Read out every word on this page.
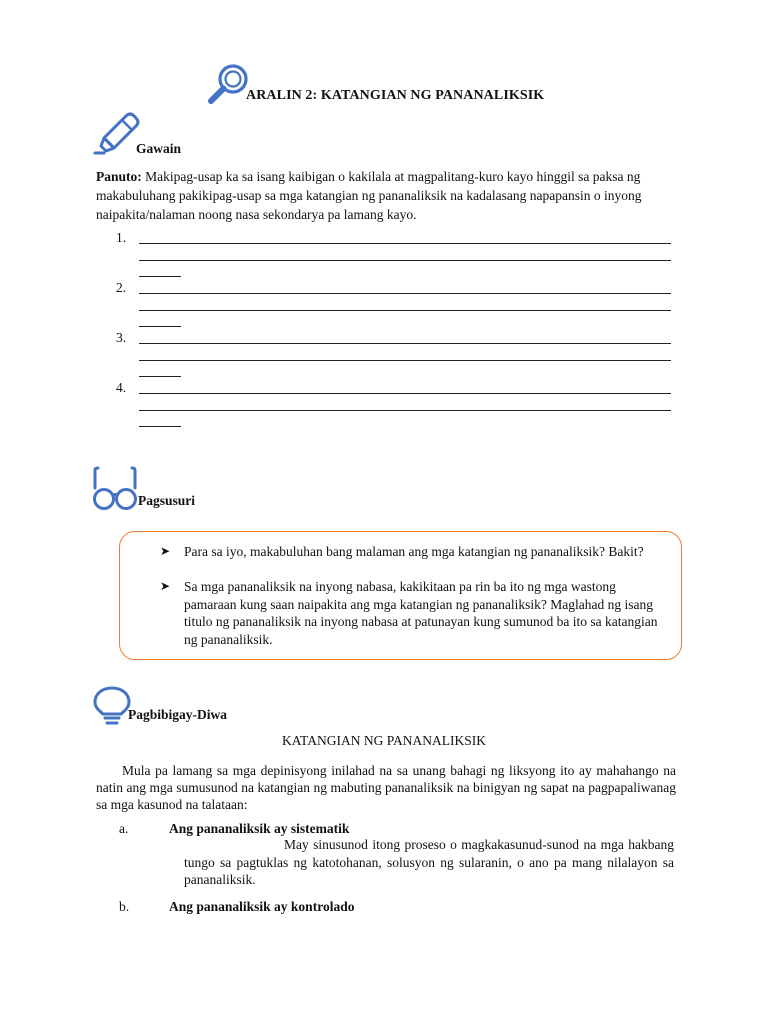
ARALIN 2: KATANGIAN NG PANANALIKSIK
Gawain
Panuto: Makipag-usap ka sa isang kaibigan o kakilala at magpalitang-kuro kayo hinggil sa paksa ng makabuluhang pakikipag-usap sa mga katangian ng pananaliksik na kadalasang napapansin o inyong naipakita/nalaman noong nasa sekondarya pa lamang kayo.
1.
2.
3.
4.
Pagsusuri
➤ Para sa iyo, makabuluhan bang malaman ang mga katangian ng pananaliksik? Bakit?
➤ Sa mga pananaliksik na inyong nabasa, kakikitaan pa rin ba ito ng mga wastong pamaraan kung saan naipakita ang mga katangian ng pananaliksik? Maglahad ng isang titulo ng pananaliksik na inyong nabasa at patunayan kung sumunod ba ito sa katangian ng pananaliksik.
Pagbibigay-Diwa
KATANGIAN NG PANANALIKSIK
Mula pa lamang sa mga depinisyong inilahad na sa unang bahagi ng liksyong ito ay mahahango na natin ang mga sumusunod na katangian ng mabuting pananaliksik na binigyan ng sapat na pagpapaliwanag sa mga kasunod na talataan:
a.	Ang pananaliksik ay sistematik
May sinusunod itong proseso o magkakasunud-sunod na mga hakbang tungo sa pagtuklas ng katotohanan, solusyon ng sularanin, o ano pa mang nilalayon sa pananaliksik.
b.	Ang pananaliksik ay kontrolado
